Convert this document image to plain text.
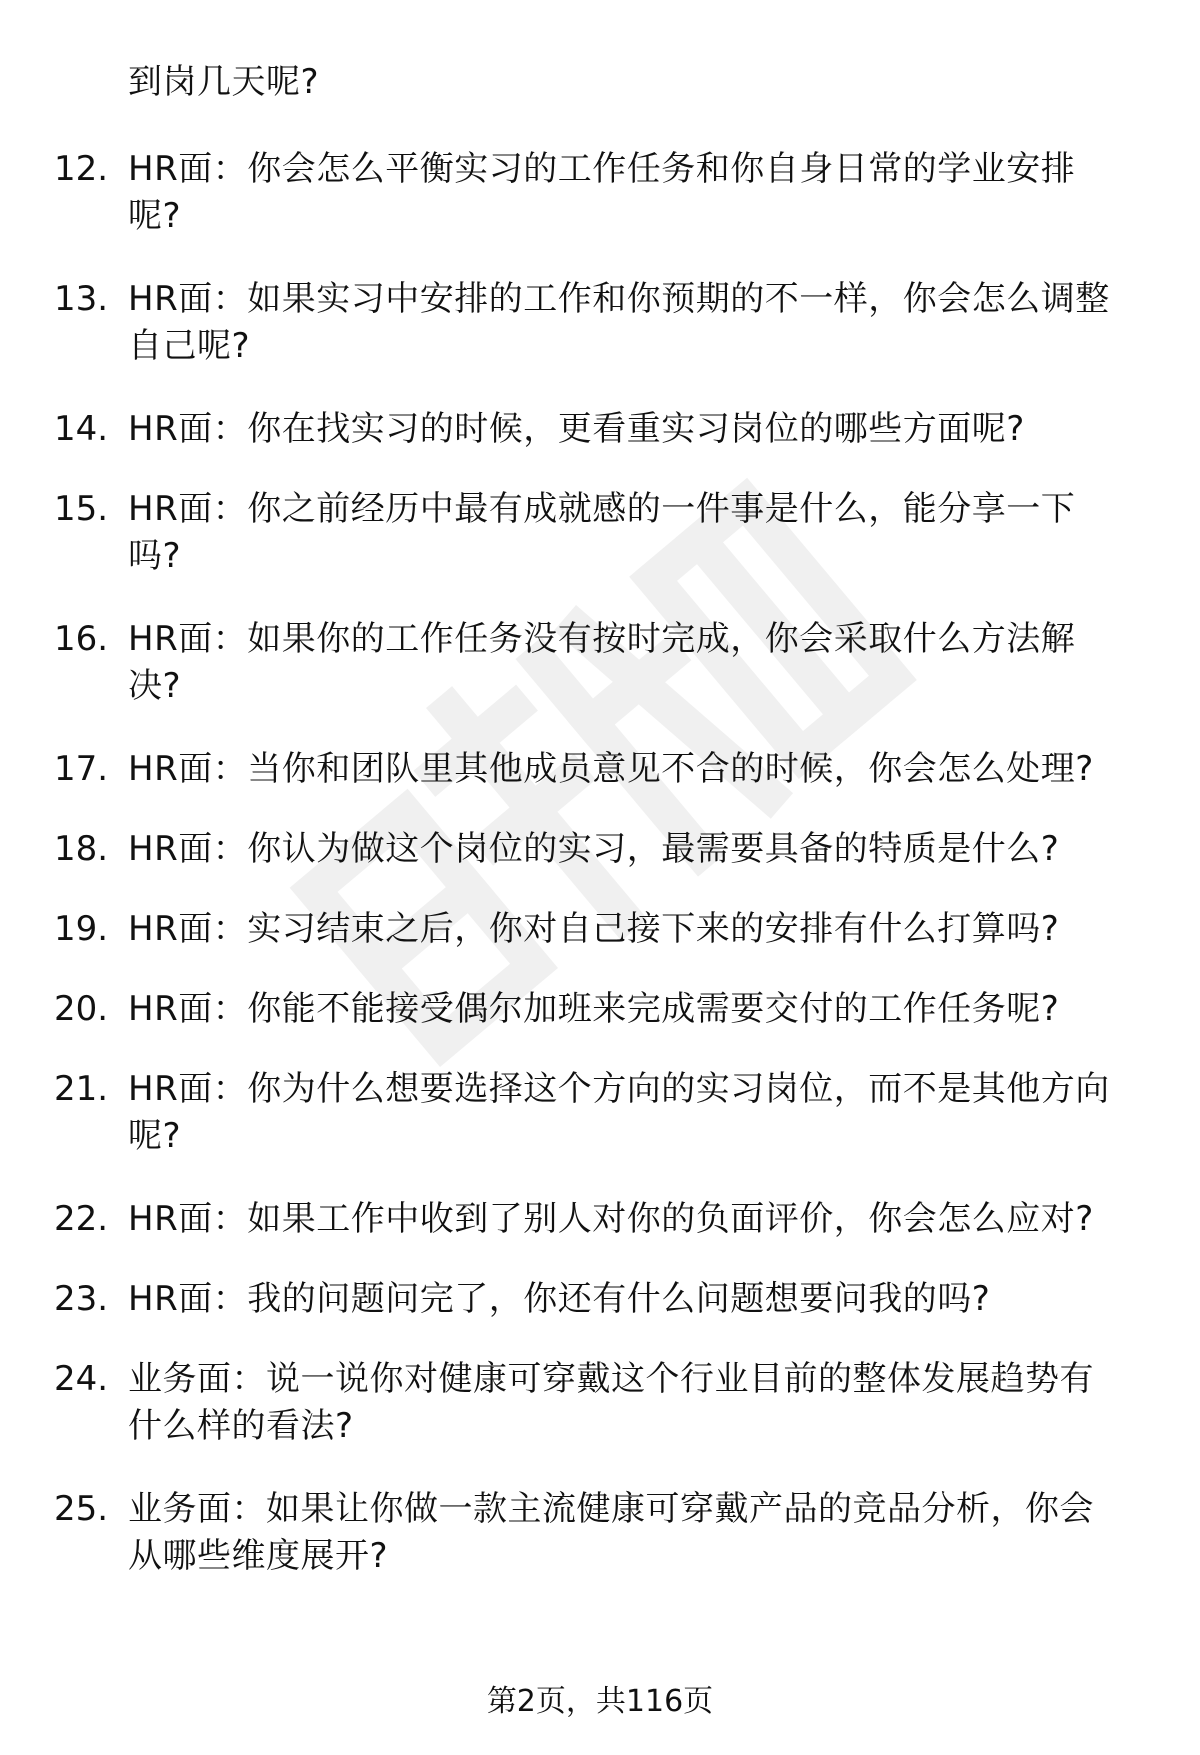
到岗几天呢?
12. HR面：你会怎么平衡实习的工作任务和你自身日常的学业安排
呢?
13. HR面：如果实习中安排的工作和你预期的不一样，你会怎么调整
自己呢?
14. HR面：你在找实习的时候，更看重实习岗位的哪些方面呢?
15. HR面：你之前经历中最有成就感的一件事是什么，能分享一下
吗?
16. HR面：如果你的工作任务没有按时完成，你会采取什么方法解
决?
17. HR面：当你和团队里其他成员意见不合的时候，你会怎么处理?
18. HR面：你认为做这个岗位的实习，最需要具备的特质是什么?
19. HR面：实习结束之后，你对自己接下来的安排有什么打算吗?
20. HR面：你能不能接受偶尔加班来完成需要交付的工作任务呢?
21. HR面：你为什么想要选择这个方向的实习岗位，而不是其他方向
呢?
22. HR面：如果工作中收到了别人对你的负面评价，你会怎么应对?
23. HR面：我的问题问完了，你还有什么问题想要问我的吗?
24. 业务面：说一说你对健康可穿戴这个行业目前的整体发展趋势有
什么样的看法?
25. 业务面：如果让你做一款主流健康可穿戴产品的竞品分析，你会
从哪些维度展开?
第2页，共116页
